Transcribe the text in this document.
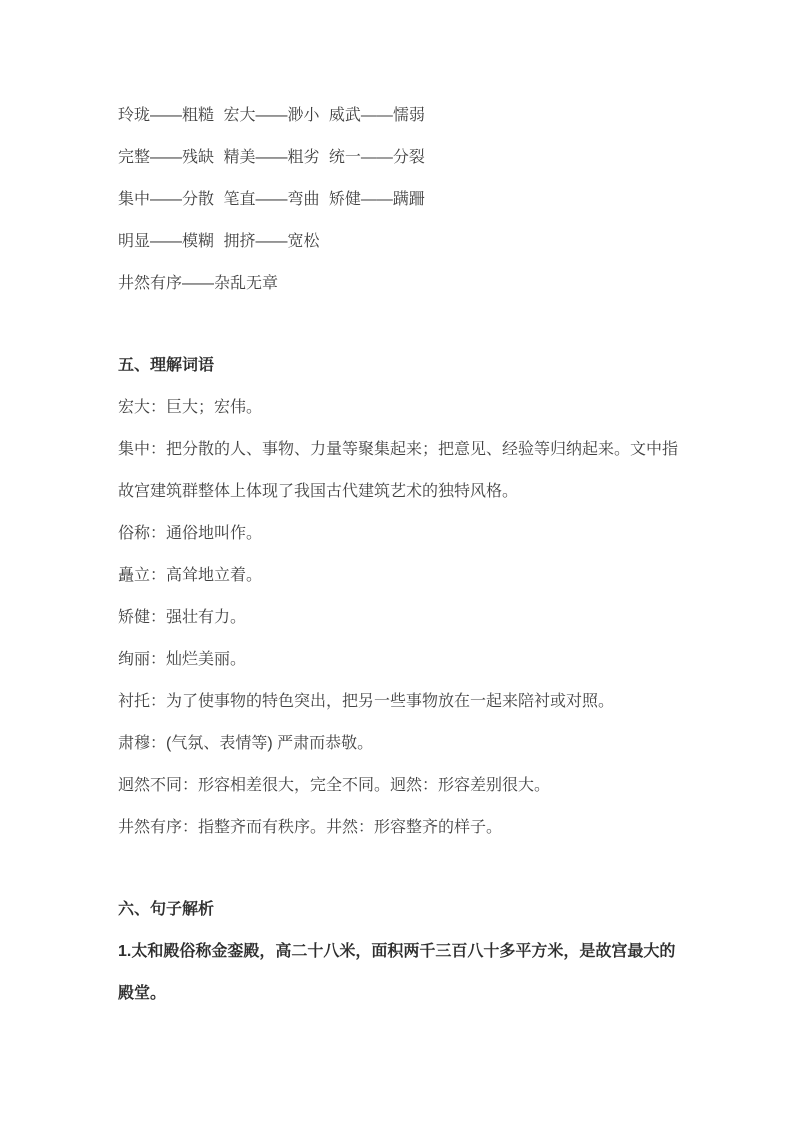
玲珑——粗糙 宏大——渺小 威武——懦弱

完整——残缺 精美——粗劣 统一——分裂

集中——分散 笔直——弯曲 矫健——蹒跚

明显——模糊 拥挤——宽松

井然有序——杂乱无章

五、理解词语

宏大：巨大；宏伟。

集中：把分散的人、事物、力量等聚集起来；把意见、经验等归纳起来。文中指故宫建筑群整体上体现了我国古代建筑艺术的独特风格。

俗称：通俗地叫作。

矗立：高耸地立着。

矫健：强壮有力。

绚丽：灿烂美丽。

衬托：为了使事物的特色突出，把另一些事物放在一起来陪衬或对照。

肃穆：(气氛、表情等) 严肃而恭敬。

迥然不同：形容相差很大，完全不同。迥然：形容差别很大。

井然有序：指整齐而有秩序。井然：形容整齐的样子。

六、句子解析

1.太和殿俗称金銮殿，高二十八米，面积两千三百八十多平方米，是故宫最大的殿堂。
